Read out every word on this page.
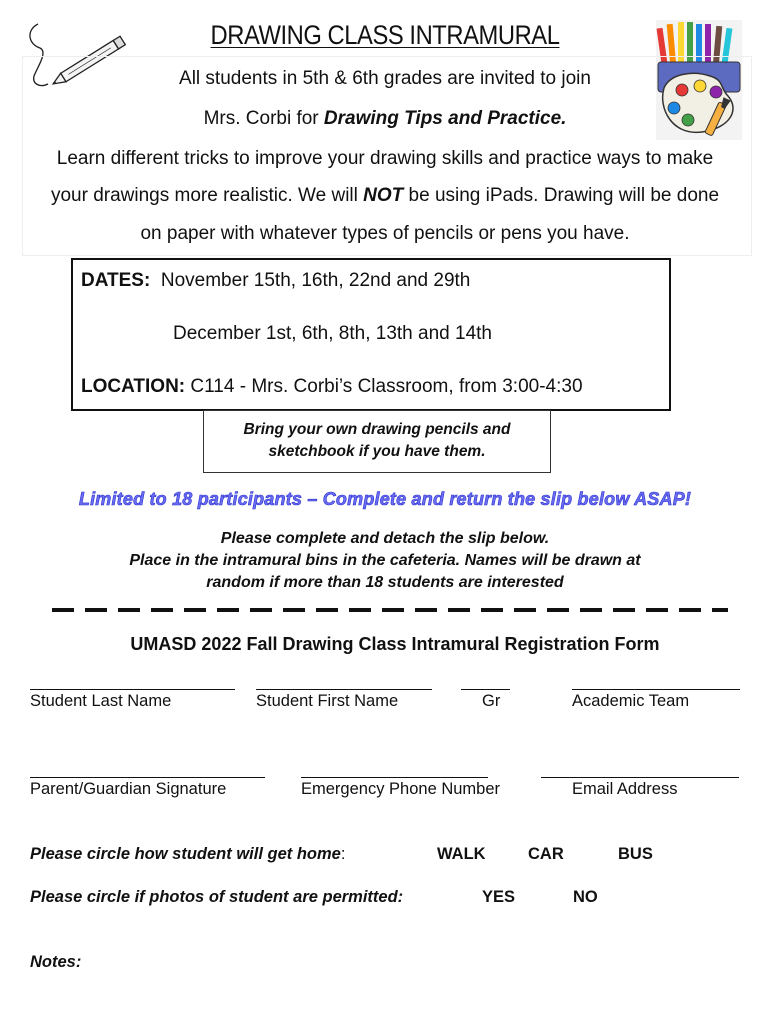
DRAWING CLASS INTRAMURAL
All students in 5th & 6th grades are invited to join
Mrs. Corbi for Drawing Tips and Practice.
Learn different tricks to improve your drawing skills and practice ways to make
your drawings more realistic. We will NOT be using iPads. Drawing will be done
on paper with whatever types of pencils or pens you have.
DATES: November 15th, 16th, 22nd and 29th
December 1st, 6th, 8th, 13th and 14th
LOCATION: C114 - Mrs. Corbi’s Classroom, from 3:00-4:30
Bring your own drawing pencils and
sketchbook if you have them.
Limited to 18 participants – Complete and return the slip below ASAP!
Please complete and detach the slip below.
Place in the intramural bins in the cafeteria. Names will be drawn at
random if more than 18 students are interested
UMASD 2022 Fall Drawing Class Intramural Registration Form
Student Last Name	Student First Name	Gr	Academic Team
Parent/Guardian Signature	Emergency Phone Number	Email Address
Please circle how student will get home:	WALK	CAR	BUS
Please circle if photos of student are permitted:	YES	NO
Notes:
